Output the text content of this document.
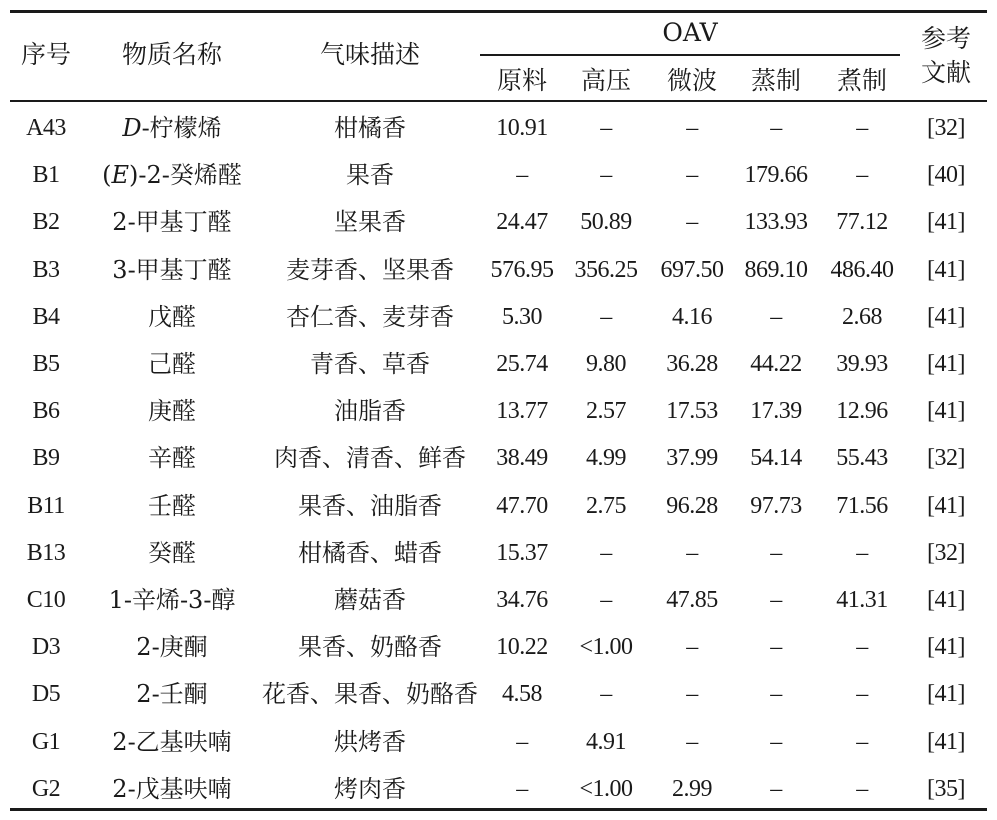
序号 物质名称	气味描述
OAV
原料 高压 微波 蒸制 煮制
参考
文献
A43 D-柠檬烯	柑橘香	10.91 –	–	–	– [32]
B1 (E)-2-癸烯醛	果香	–	–	– 179.66 – [40]
B2 2-甲基丁醛	坚果香	24.47 50.89 – 133.93 77.12 [41]
B3 3-甲基丁醛 麦芽香、坚果香 576.95 356.25 697.50 869.10 486.40 [41]
B4	戊醛	杏仁香、麦芽香 5.30 –	4.16 –	2.68 [41]
B5	己醛	青香、草香	25.74 9.80 36.28 44.22 39.93 [41]
B6	庚醛	油脂香	13.77 2.57 17.53 17.39 12.96 [41]
B9	辛醛	肉香、清香、鲜香 38.49 4.99 37.99 54.14 55.43 [32]
B11	壬醛	果香、油脂香 47.70 2.75 96.28 97.73 71.56 [41]
B13	癸醛	柑橘香、蜡香 15.37 –	–	–	– [32]
C10 1-辛烯-3-醇	蘑菇香	34.76 – 47.85 – 41.31 [41]
D3	2-庚酮	果香、奶酪香 10.22 <1.00 –	–	– [41]
D5	2-壬酮 花香、果香、奶酪香 4.58 –	–	–	– [41]
G1 2-乙基呋喃	烘烤香	– 4.91	–	–	– [41]
G2 2-戊基呋喃	烤肉香	– <1.00 2.99 –	– [35]
